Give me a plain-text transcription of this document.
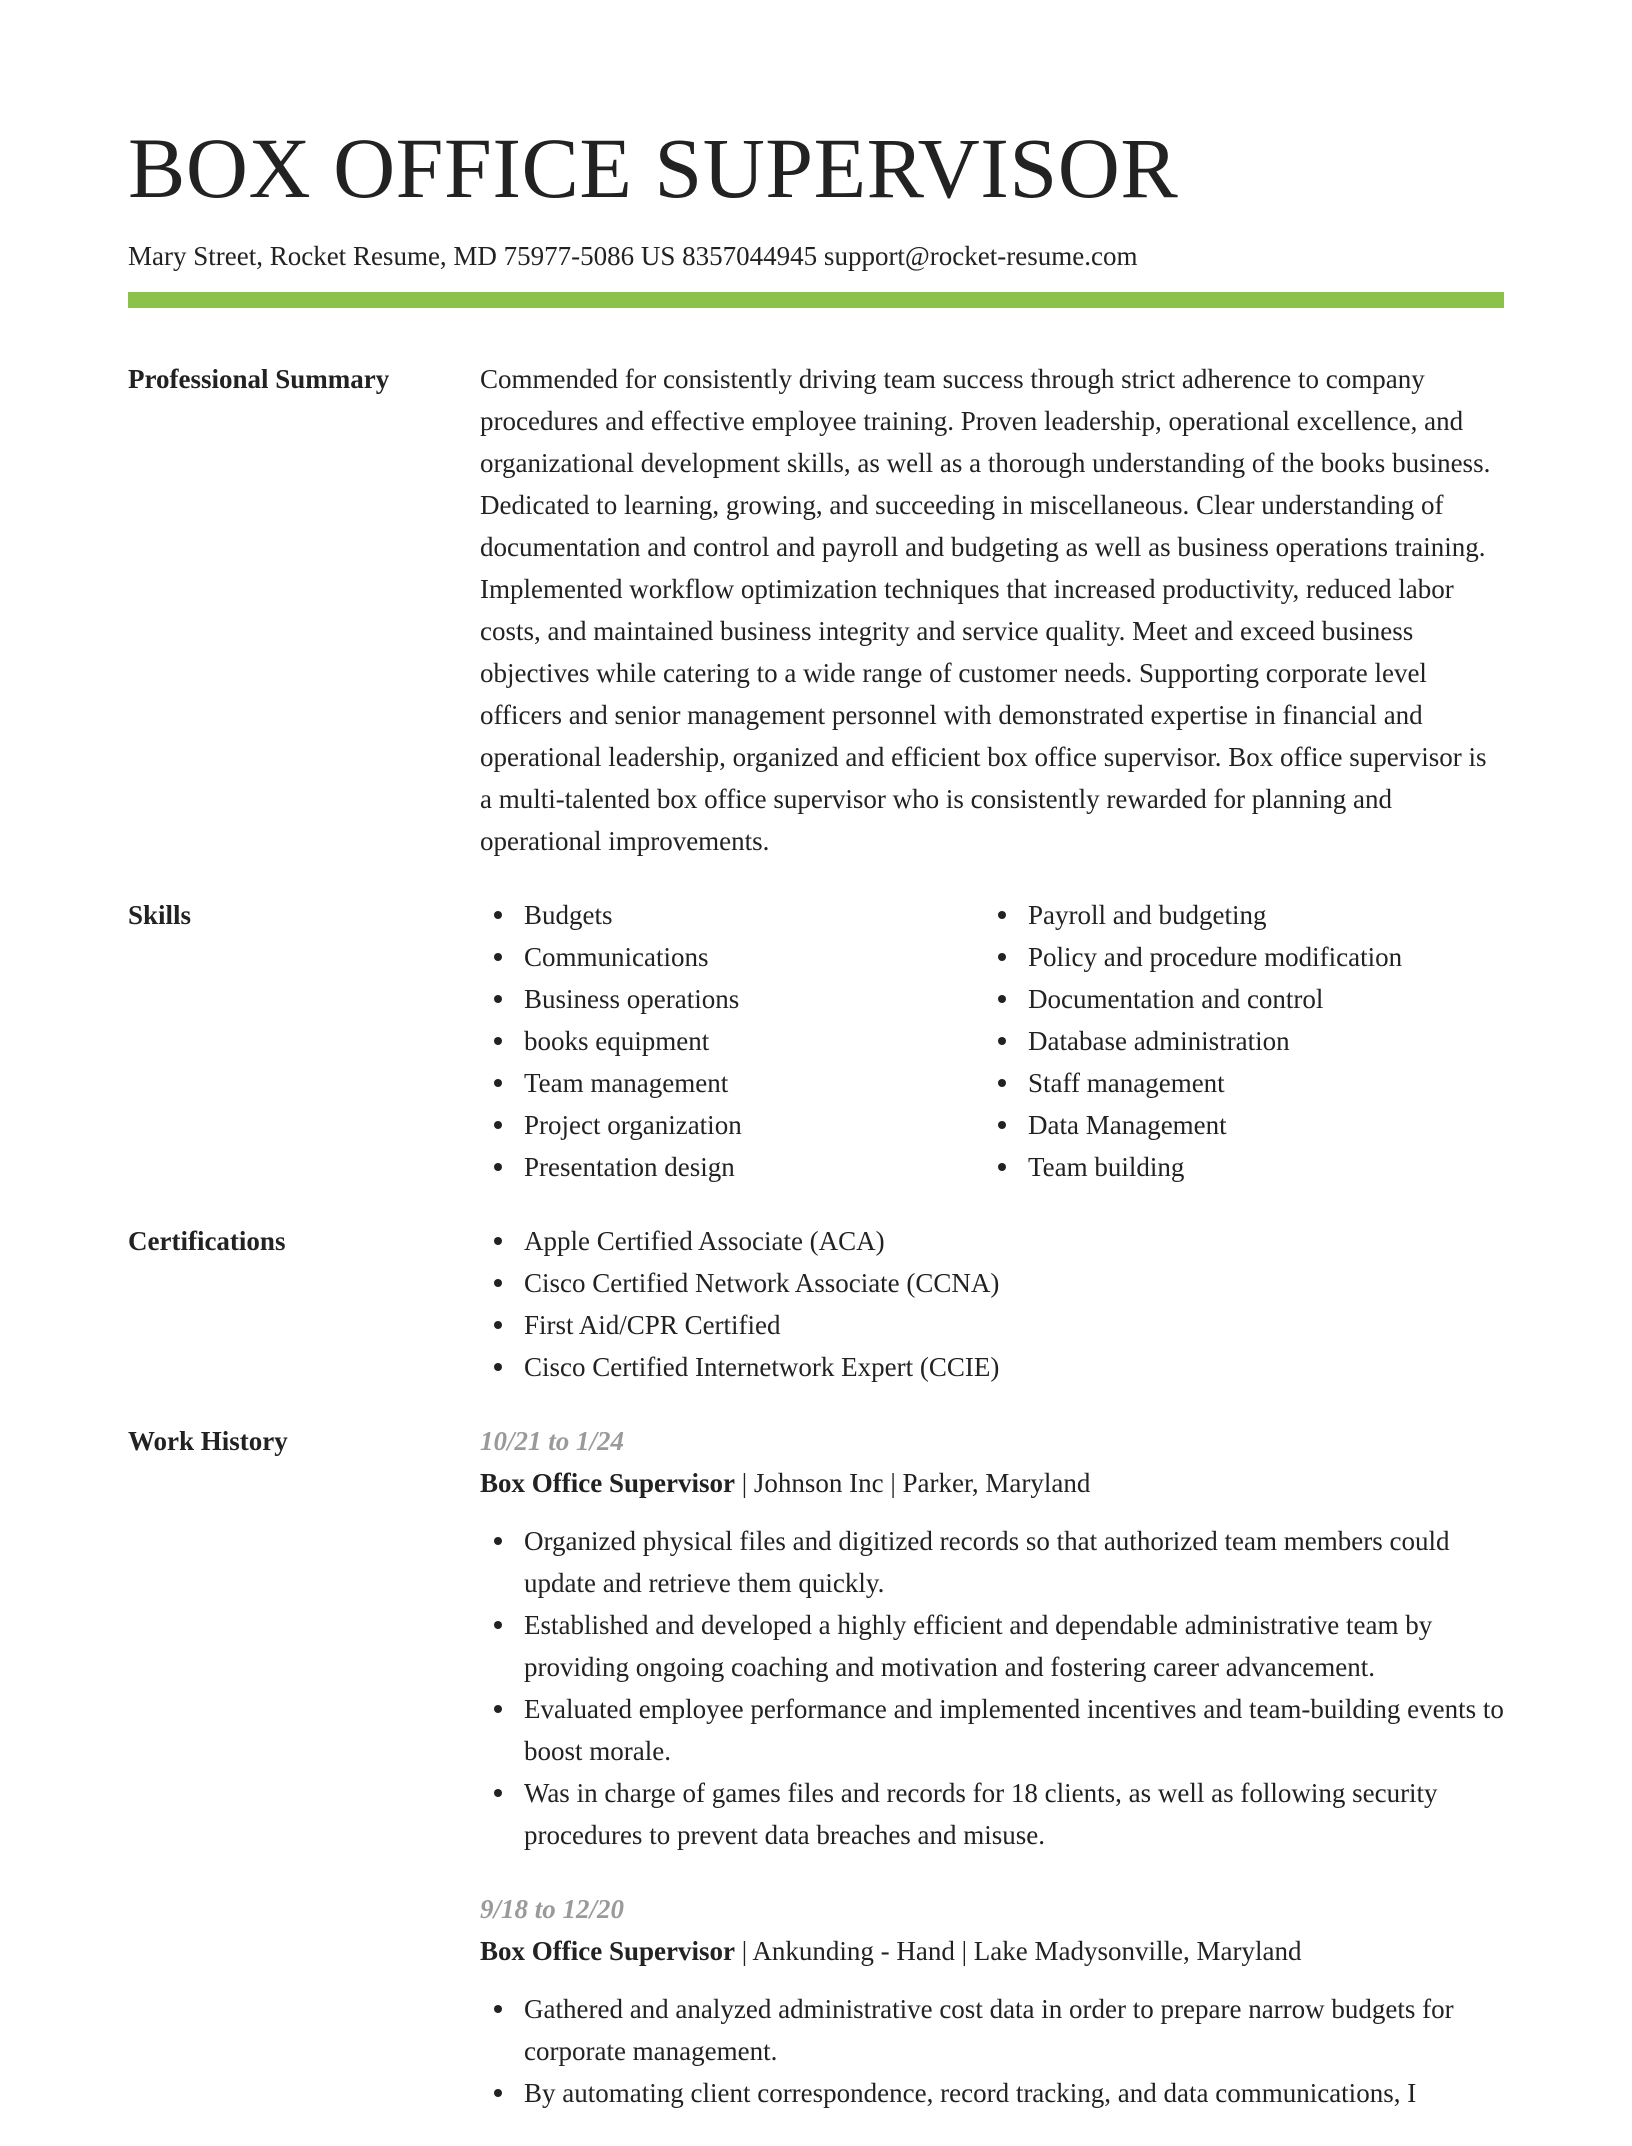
BOX OFFICE SUPERVISOR
Mary Street, Rocket Resume, MD 75977-5086 US 8357044945 support@rocket-resume.com
Professional Summary	Commended for consistently driving team success through strict adherence to company procedures and effective employee training. Proven leadership, operational excellence, and organizational development skills, as well as a thorough understanding of the books business. Dedicated to learning, growing, and succeeding in miscellaneous. Clear understanding of documentation and control and payroll and budgeting as well as business operations training. Implemented workflow optimization techniques that increased productivity, reduced labor costs, and maintained business integrity and service quality. Meet and exceed business objectives while catering to a wide range of customer needs. Supporting corporate level officers and senior management personnel with demonstrated expertise in financial and operational leadership, organized and efficient box office supervisor. Box office supervisor is a multi-talented box office supervisor who is consistently rewarded for planning and operational improvements.
Skills	Budgets
Communications
Business operations
books equipment
Team management
Project organization
Presentation design
Payroll and budgeting
Policy and procedure modification
Documentation and control
Database administration
Staff management
Data Management
Team building
Certifications	Apple Certified Associate (ACA)
Cisco Certified Network Associate (CCNA)
First Aid/CPR Certified
Cisco Certified Internetwork Expert (CCIE)
Work History	10/21 to 1/24
Box Office Supervisor | Johnson Inc | Parker, Maryland
Organized physical files and digitized records so that authorized team members could update and retrieve them quickly.
Established and developed a highly efficient and dependable administrative team by providing ongoing coaching and motivation and fostering career advancement.
Evaluated employee performance and implemented incentives and team-building events to boost morale.
Was in charge of games files and records for 18 clients, as well as following security procedures to prevent data breaches and misuse.
9/18 to 12/20
Box Office Supervisor | Ankunding - Hand | Lake Madysonville, Maryland
Gathered and analyzed administrative cost data in order to prepare narrow budgets for corporate management.
By automating client correspondence, record tracking, and data communications, I
